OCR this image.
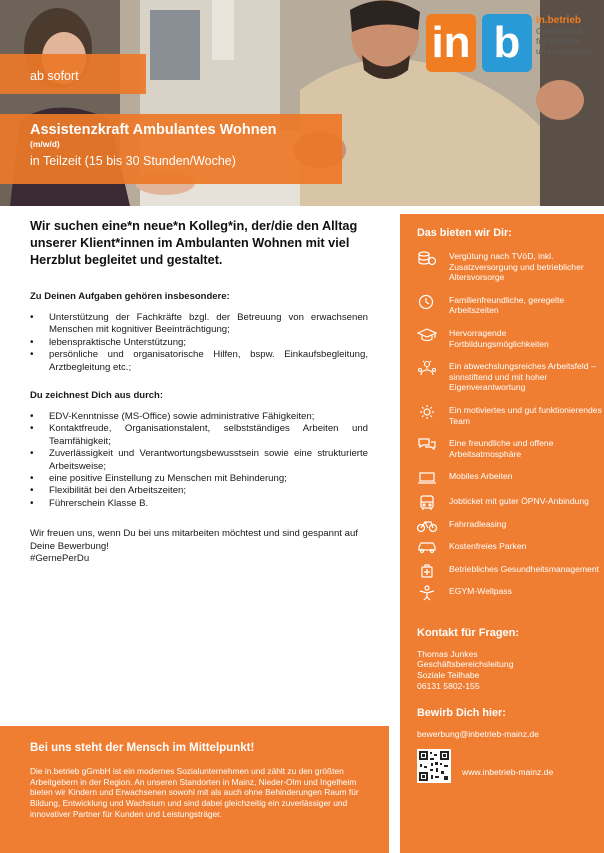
in b	in.betrieb
Gesellschaft
für Teilhabe
und Integration
ab sofort
Assistenzkraft Ambulantes Wohnen
(m/w/d)
in Teilzeit (15 bis 30 Stunden/Woche)

Wir suchen eine*n neue*n Kolleg*in, der/die den Alltag unserer Klient*innen im Ambulanten Wohnen mit viel Herzblut begleitet und gestaltet.

Zu Deinen Aufgaben gehören insbesondere:
• Unterstützung der Fachkräfte bzgl. der Betreuung von erwachsenen Menschen mit kognitiver Beeinträchtigung;
• lebenspraktische Unterstützung;
• persönliche und organisatorische Hilfen, bspw. Einkaufsbegleitung, Arztbegleitung etc.;
Du zeichnest Dich aus durch:
• EDV-Kenntnisse (MS-Office) sowie administrative Fähigkeiten;
• Kontaktfreude, Organisationstalent, selbstständiges Arbeiten und Teamfähigkeit;
• Zuverlässigkeit und Verantwortungsbewusstsein sowie eine strukturierte Arbeitsweise;
• eine positive Einstellung zu Menschen mit Behinderung;
• Flexibilität bei den Arbeitszeiten;
• Führerschein Klasse B.
Wir freuen uns, wenn Du bei uns mitarbeiten möchtest und sind gespannt auf Deine Bewerbung!
#GernePerDu
Bei uns steht der Mensch im Mittelpunkt!

Die in.betrieb gGmbH ist ein modernes Sozialunternehmen und zählt zu den größten Arbeitgebern in der Region. An unseren Standorten in Mainz, Nieder-Olm und Ingelheim bieten wir Kindern und Erwachsenen sowohl mit als auch ohne Behinderungen Raum für Bildung, Entwicklung und Wachstum und sind dabei gleichzeitig ein zuverlässiger und innovativer Partner für Kunden und Leistungsträger.

Das bieten wir Dir:
Vergütung nach TVöD, inkl. Zusatzversorgung und betrieblicher Altersvorsorge
Familienfreundliche, geregelte Arbeitszeiten
Hervorragende Fortbildungsmöglichkeiten
Ein abwechslungsreiches Arbeitsfeld – sinnstiftend und mit hoher Eigenverantwortung
Ein motiviertes und gut funktionierendes Team
Eine freundliche und offene Arbeitsatmosphäre
Mobiles Arbeiten
Jobticket mit guter ÖPNV-Anbindung
Fahrradleasing
Kostenfreies Parken
Betriebliches Gesundheitsmanagement
EGYM-Wellpass
Kontakt für Fragen:
Thomas Junkes
Geschäftsbereichsleitung
Soziale Teilhabe
06131 5802-155
Bewirb Dich hier:
bewerbung@inbetrieb-mainz.de
www.inbetrieb-mainz.de
